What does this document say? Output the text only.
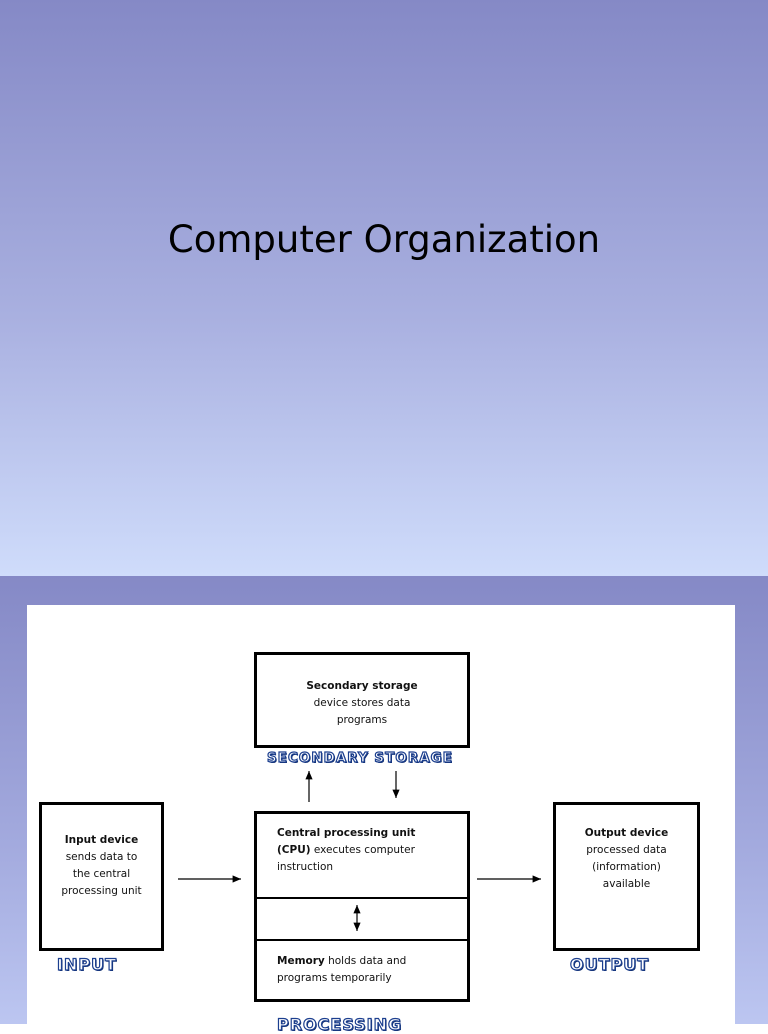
Computer Organization
Secondary storage
device stores data
programs
SECONDARY STORAGE
Input device
sends data to
the central
processing unit
INPUT
Central processing unit
(CPU) executes computer
instruction
Memory holds data and
programs temporarily
PROCESSING
Output device
processed data
(information)
available
OUTPUT
